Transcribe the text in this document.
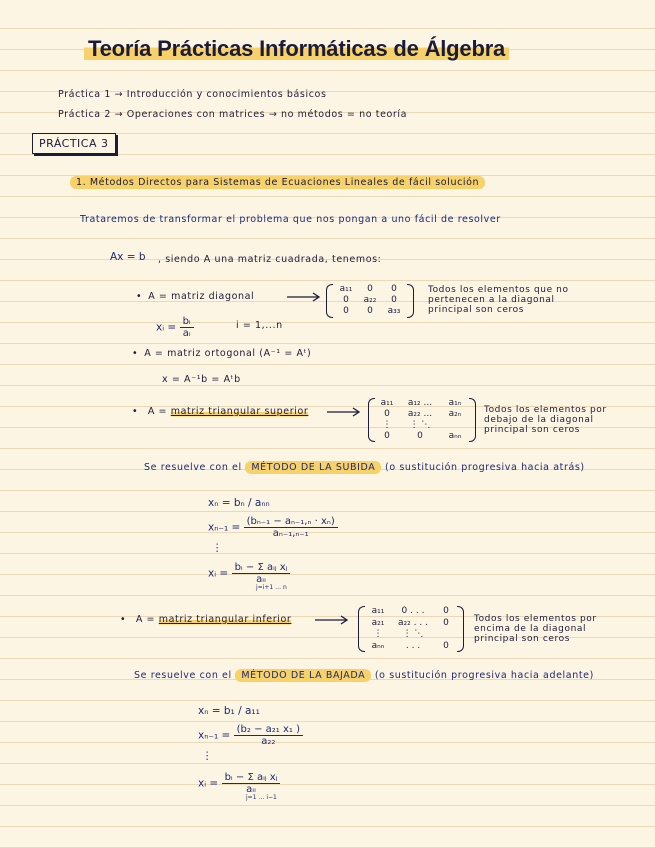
Teoría Prácticas Informáticas de Álgebra
Práctica 1 → Introducción y conocimientos básicos
Práctica 2 → Operaciones con matrices → no métodos = no teoría
PRÁCTICA 3
1. Métodos Directos para Sistemas de Ecuaciones Lineales de fácil solución
Trataremos de transformar el problema que nos pongan a uno fácil de resolver
Ax = b , siendo A una matriz cuadrada, tenemos:
• A = matriz diagonal
a₁₁	0	0
0	a₂₂	0
0	0	a₃₃
Todos los elementos que no pertenecen a la diagonal principal son ceros
xᵢ = $\frac{\text{bᵢ}}{\text{aᵢ}}$	i = 1,...n
• A = matriz ortogonal (A⁻¹ = Aᵗ)
x = A⁻¹b = Aᵗb
• A = matriz triangular superior
a₁₁	a₁₂ ...	a₁ₙ
0	a₂₂ ...	a₂ₙ
⋮	⋮ ⋱
0	0	aₙₙ
Todos los elementos por debajo de la diagonal principal son ceros
Se resuelve con el MÉTODO DE LA SUBIDA (o sustitución progresiva hacia atrás)
xₙ = bₙ / aₙₙ
$x_{n-1} = \frac{\text{(bₙ₋₁ − aₙ₋₁,ₙ · xₙ)}}{\text{aₙ₋₁,ₙ₋₁}}$
⋮
xᵢ = $\frac{\text{bᵢ − Σ aᵢⱼ xⱼ}}{\text{aᵢᵢ}}$
j=i+1 … n
• A = matriz triangular inferior
a₁₁	0 . . .	0
a₂₁	a₂₂ . . .	0
⋮	⋮ ⋱
aₙₙ	. . .	0
Todos los elementos por encima de la diagonal principal son ceros
Se resuelve con el MÉTODO DE LA BAJADA (o sustitución progresiva hacia adelante)
xₙ = b₁ / a₁₁
$x_{n-1} = \frac{\text{(b₂ − a₂₁ x₁ )}}{\text{a₂₂}}$
⋮
xᵢ = $\frac{\text{bᵢ − Σ aᵢⱼ xⱼ}}{\text{aᵢᵢ}}$
j=1 … i−1
